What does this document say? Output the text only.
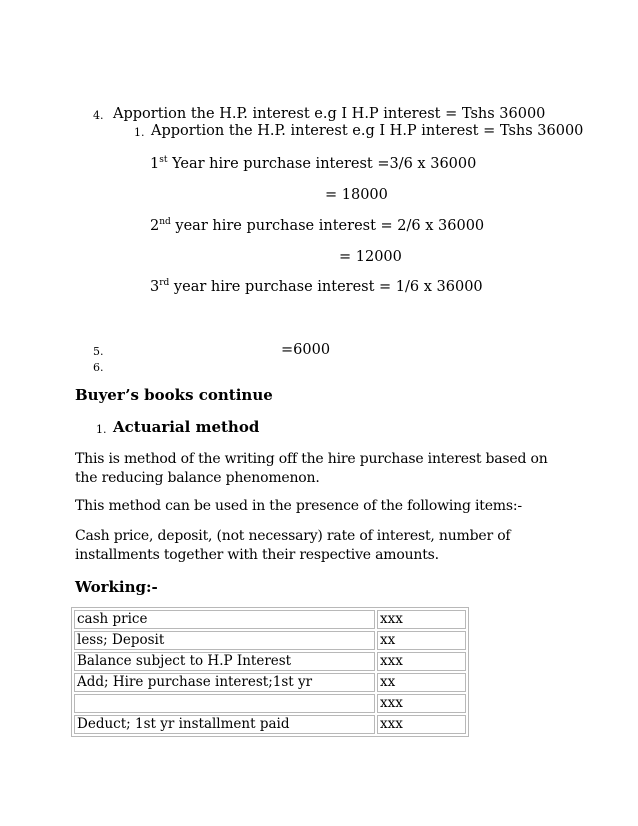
4. Apportion the H.P. interest e.g I H.P interest = Tshs 36000
1. Apportion the H.P. interest e.g I H.P interest = Tshs 36000
1st Year hire purchase interest =3/6 x 36000
= 18000
2nd year hire purchase interest = 2/6 x 36000
= 12000
3rd year hire purchase interest = 1/6 x 36000
5.	=6000
6.
Buyer’s books continue
1. Actuarial method
This is method of the writing off the hire purchase interest based on the reducing balance phenomenon.
This method can be used in the presence of the following items:-
Cash price, deposit, (not necessary) rate of interest, number of installments together with their respective amounts.
Working:-
cash price	xxx
less; Deposit	xx
Balance subject to H.P Interest	xxx
Add; Hire purchase interest;1st yr	xx
	xxx
Deduct; 1st yr installment paid	xxx
